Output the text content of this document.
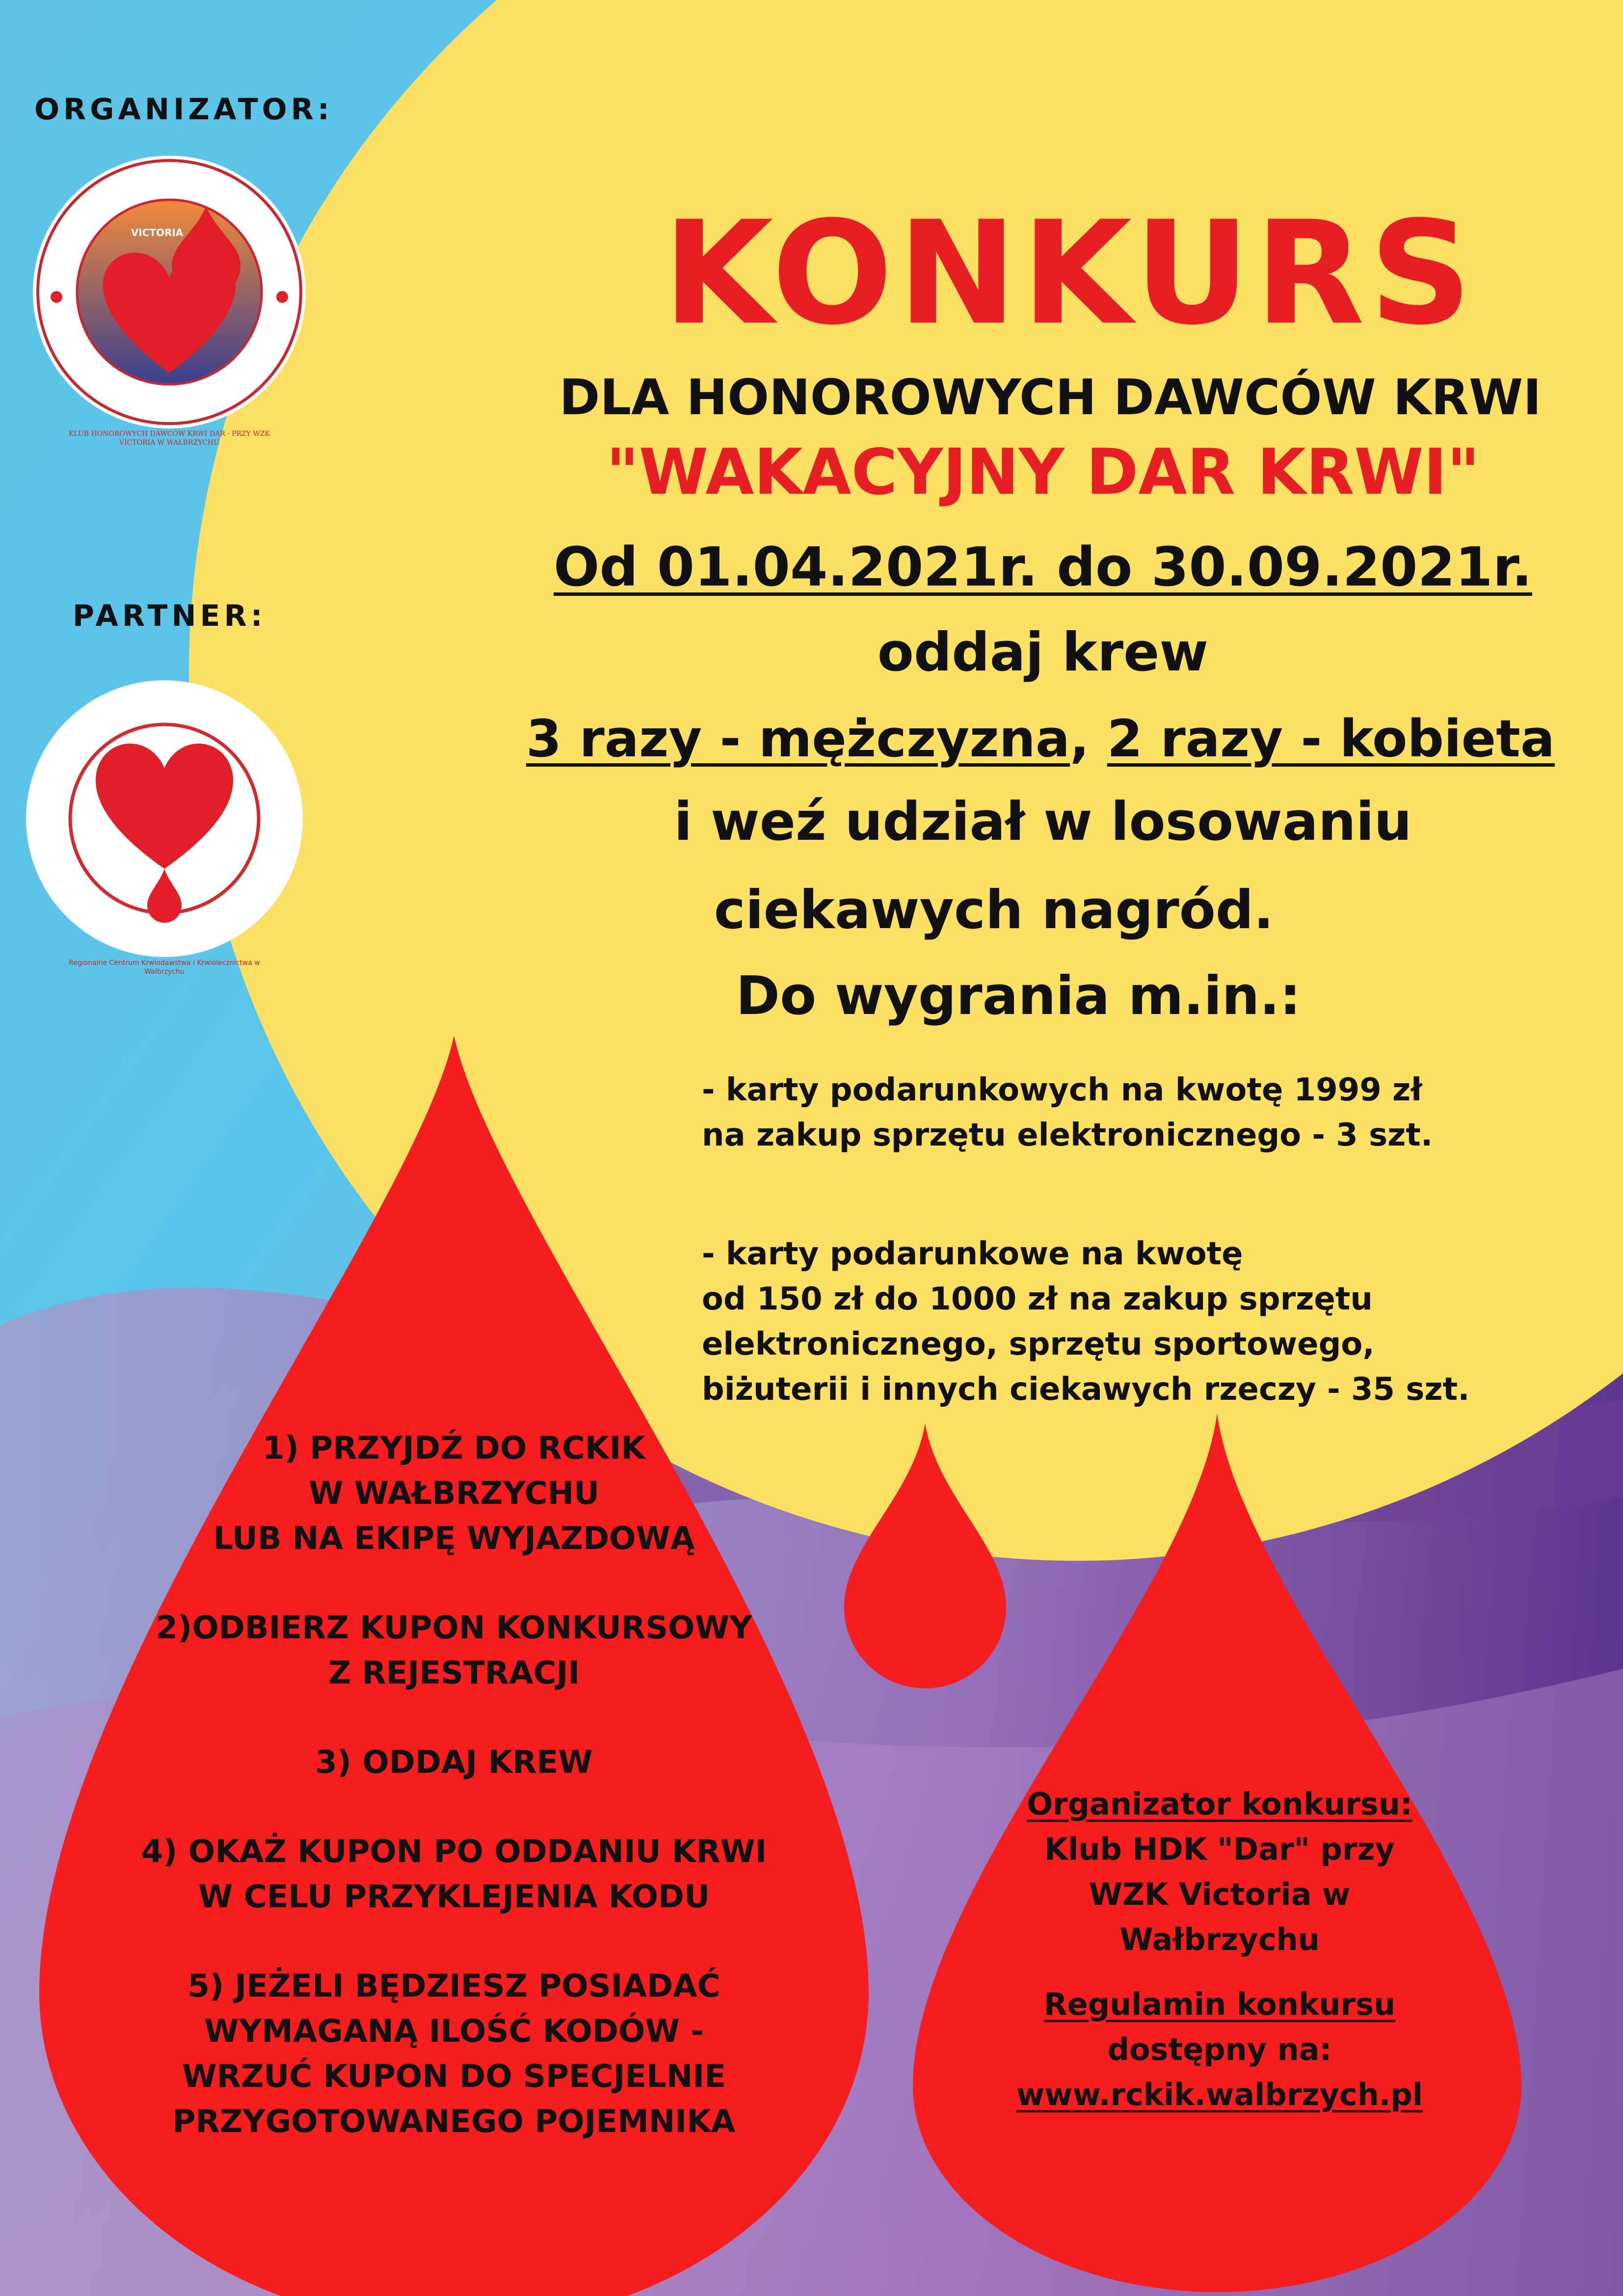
VICTORIA
KLUB HONOROWYCH DAWCÓW KRWI DAR · PRZY WZK VICTORIA W WAŁBRZYCHU
Regionalne Centrum Krwiodawstwa i Krwiolecznictwa w Wałbrzychu
ORGANIZATOR:
PARTNER:
KONKURS
DLA HONOROWYCH DAWCÓW KRWI
"WAKACYJNY DAR KRWI"
Od 01.04.2021r. do 30.09.2021r.
oddaj krew
3 razy - mężczyzna, 2 razy - kobieta
i weź udział w losowaniu
ciekawych nagród.
Do wygrania m.in.:
- karty podarunkowych na kwotę 1999 zł
na zakup sprzętu elektronicznego - 3 szt.
- karty podarunkowe na kwotę
od 150 zł do 1000 zł na zakup sprzętu
elektronicznego, sprzętu sportowego,
biżuterii i innych ciekawych rzeczy - 35 szt.
1) PRZYJDŹ DO RCKIK
W WAŁBRZYCHU
LUB NA EKIPĘ WYJAZDOWĄ
2)ODBIERZ KUPON KONKURSOWY
Z REJESTRACJI
3) ODDAJ KREW
4) OKAŻ KUPON PO ODDANIU KRWI
W CELU PRZYKLEJENIA KODU
5) JEŻELI BĘDZIESZ POSIADAĆ
WYMAGANĄ ILOŚĆ KODÓW -
WRZUĆ KUPON DO SPECJELNIE
PRZYGOTOWANEGO POJEMNIKA
Organizator konkursu:
Klub HDK "Dar" przy
WZK Victoria w
Wałbrzychu
Regulamin konkursu
dostępny na:
www.rckik.walbrzych.pl
